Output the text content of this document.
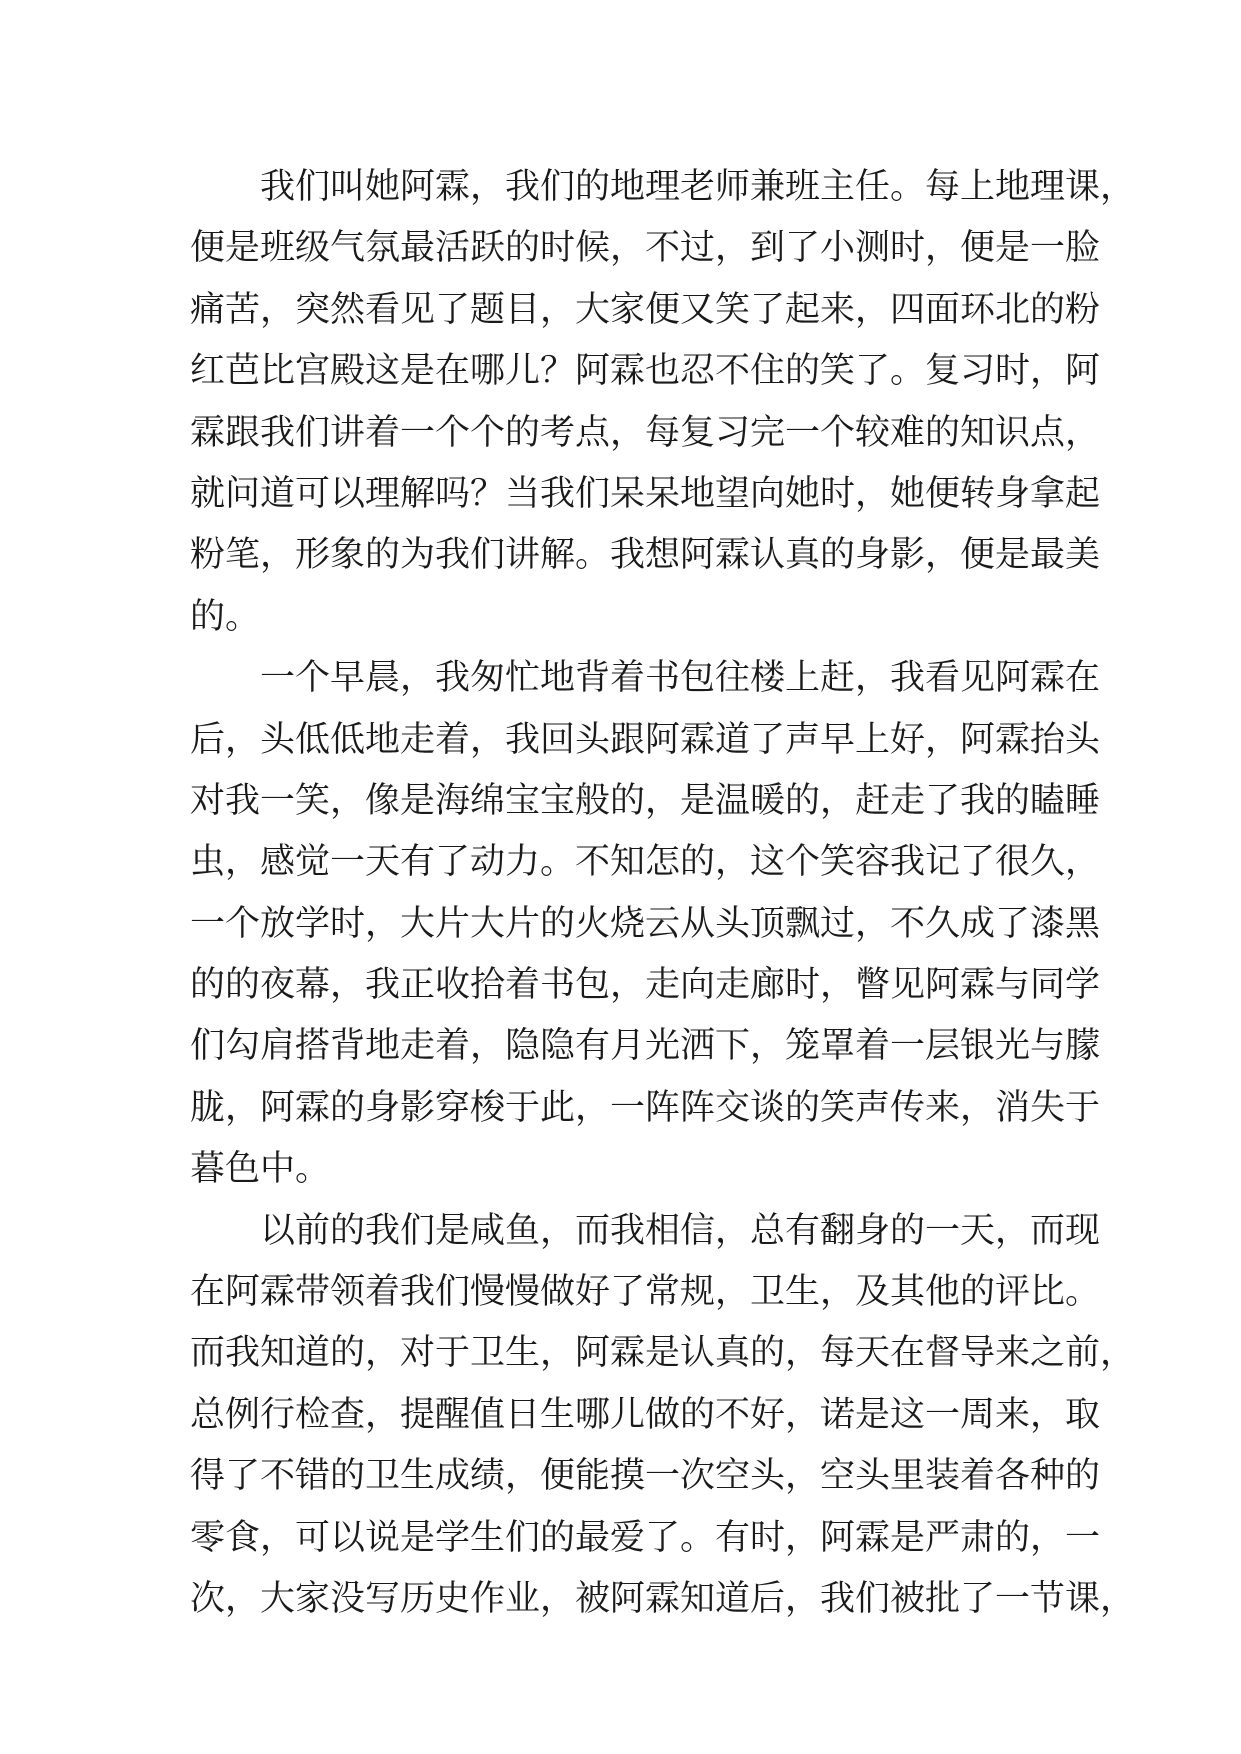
我们叫她阿霖，我们的地理老师兼班主任。每上地理课，
便是班级气氛最活跃的时候，不过，到了小测时，便是一脸
痛苦，突然看见了题目，大家便又笑了起来，四面环北的粉
红芭比宫殿这是在哪儿？阿霖也忍不住的笑了。复习时，阿
霖跟我们讲着一个个的考点，每复习完一个较难的知识点，
就问道可以理解吗？当我们呆呆地望向她时，她便转身拿起
粉笔，形象的为我们讲解。我想阿霖认真的身影，便是最美
的。
一个早晨，我匆忙地背着书包往楼上赶，我看见阿霖在
后，头低低地走着，我回头跟阿霖道了声早上好，阿霖抬头
对我一笑，像是海绵宝宝般的，是温暖的，赶走了我的瞌睡
虫，感觉一天有了动力。不知怎的，这个笑容我记了很久，
一个放学时，大片大片的火烧云从头顶飘过，不久成了漆黑
的的夜幕，我正收拾着书包，走向走廊时，瞥见阿霖与同学
们勾肩搭背地走着，隐隐有月光洒下，笼罩着一层银光与朦
胧，阿霖的身影穿梭于此，一阵阵交谈的笑声传来，消失于
暮色中。
以前的我们是咸鱼，而我相信，总有翻身的一天，而现
在阿霖带领着我们慢慢做好了常规，卫生，及其他的评比。
而我知道的，对于卫生，阿霖是认真的，每天在督导来之前，
总例行检查，提醒值日生哪儿做的不好，诺是这一周来，取
得了不错的卫生成绩，便能摸一次空头，空头里装着各种的
零食，可以说是学生们的最爱了。有时，阿霖是严肃的，一
次，大家没写历史作业，被阿霖知道后，我们被批了一节课，
